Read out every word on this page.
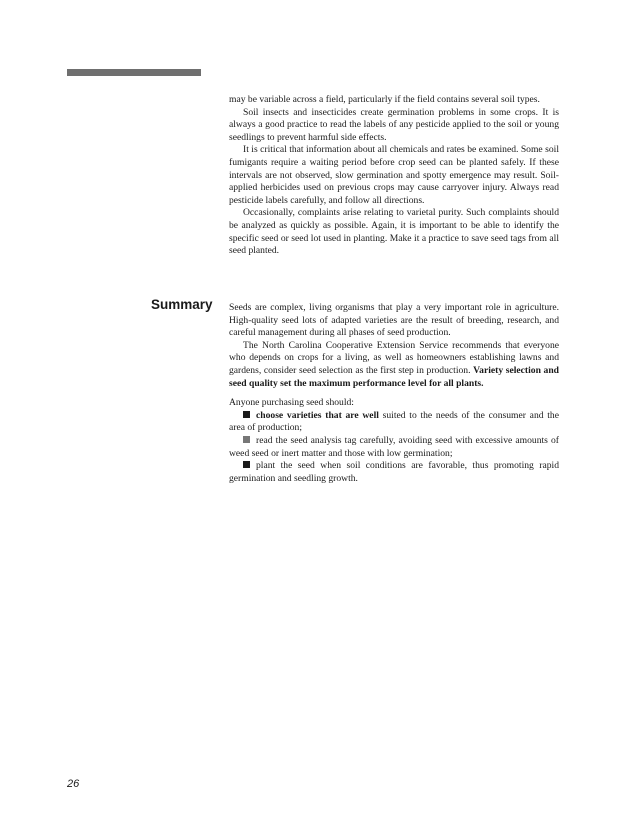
may be variable across a field, particularly if the field contains several soil types.

Soil insects and insecticides create germination problems in some crops. It is always a good practice to read the labels of any pesticide applied to the soil or young seedlings to prevent harmful side effects.

It is critical that information about all chemicals and rates be examined. Some soil fumigants require a waiting period before crop seed can be planted safely. If these intervals are not observed, slow germination and spotty emergence may result. Soil-applied herbicides used on previous crops may cause carryover injury. Always read pesticide labels carefully, and follow all directions.

Occasionally, complaints arise relating to varietal purity. Such complaints should be analyzed as quickly as possible. Again, it is important to be able to identify the specific seed or seed lot used in planting. Make it a practice to save seed tags from all seed planted.

Summary Seeds are complex, living organisms that play a very important role in agriculture. High-quality seed lots of adapted varieties are the result of breeding, research, and careful management during all phases of seed production.

The North Carolina Cooperative Extension Service recommends that everyone who depends on crops for a living, as well as homeowners establishing lawns and gardens, consider seed selection as the first step in production. Variety selection and seed quality set the maximum performance level for all plants.

Anyone purchasing seed should:

choose varieties that are well suited to the needs of the consumer and the area of production;

read the seed analysis tag carefully, avoiding seed with excessive amounts of weed seed or inert matter and those with low germination;

plant the seed when soil conditions are favorable, thus promoting rapid germination and seedling growth.

26
